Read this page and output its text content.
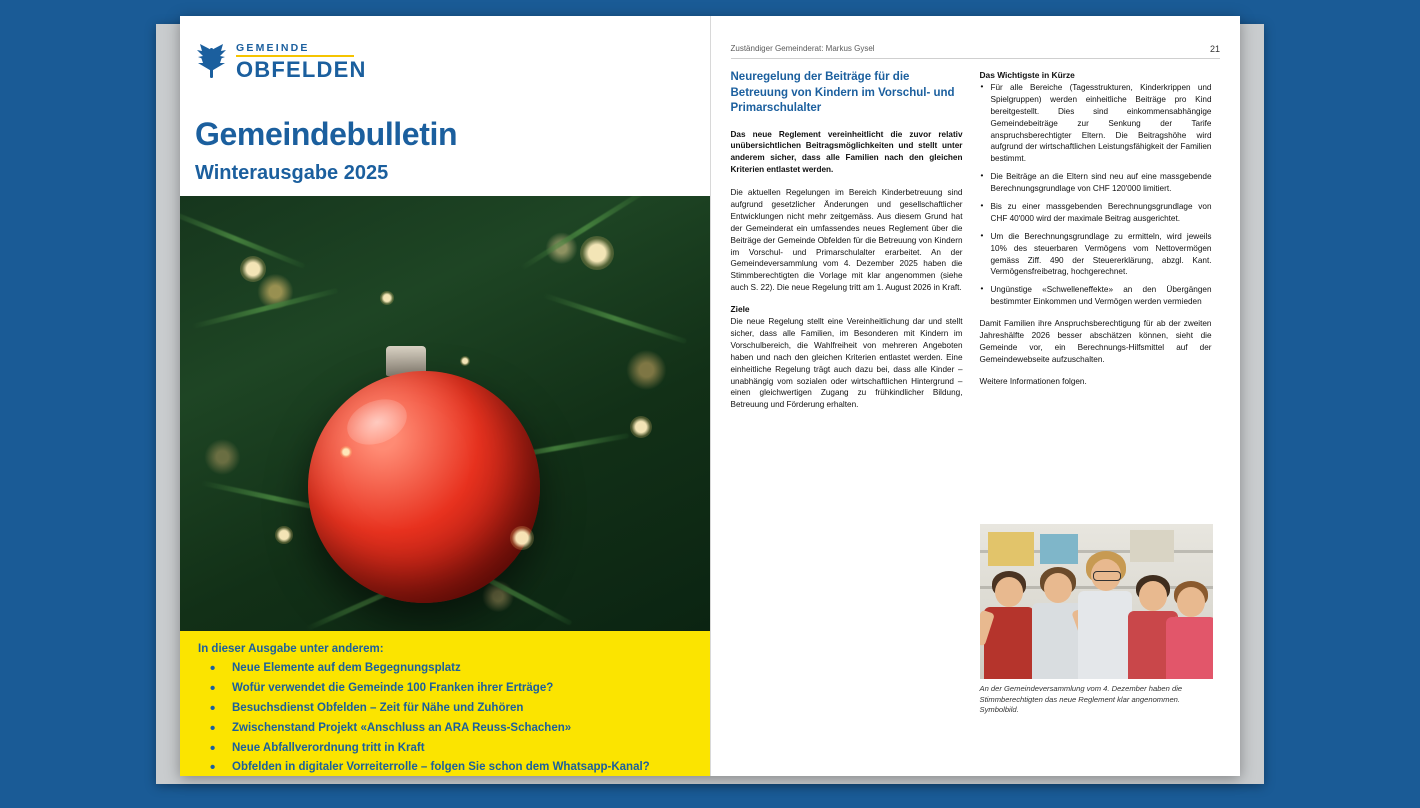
GEMEINDE
OBFELDEN
Gemeindebulletin
Winterausgabe 2025
In dieser Ausgabe unter anderem:
• Neue Elemente auf dem Begegnungsplatz
• Wofür verwendet die Gemeinde 100 Franken ihrer Erträge?
• Besuchsdienst Obfelden – Zeit für Nähe und Zuhören
• Zwischenstand Projekt «Anschluss an ARA Reuss-Schachen»
• Neue Abfallverordnung tritt in Kraft
• Obfelden in digitaler Vorreiterrolle – folgen Sie schon dem Whatsapp-Kanal?
Zuständiger Gemeinderat: Markus Gysel	21
Neuregelung der Beiträge für die Betreuung von Kindern im Vorschul- und Primarschulalter

Das neue Reglement vereinheitlicht die zuvor relativ unübersichtlichen Beitragsmöglichkeiten und stellt unter anderem sicher, dass alle Familien nach den gleichen Kriterien entlastet werden.

Die aktuellen Regelungen im Bereich Kinderbetreuung sind aufgrund gesetzlicher Änderungen und gesellschaftlicher Entwicklungen nicht mehr zeitgemäss. Aus diesem Grund hat der Gemeinderat ein umfassendes neues Reglement über die Beiträge der Gemeinde Obfelden für die Betreuung von Kindern im Vorschul- und Primarschulalter erarbeitet. An der Gemeindeversammlung vom 4. Dezember 2025 haben die Stimmberechtigten die Vorlage mit klar angenommen (siehe auch S. 22). Die neue Regelung tritt am 1. August 2026 in Kraft.

Ziele

Die neue Regelung stellt eine Vereinheitlichung dar und stellt sicher, dass alle Familien, im Besonderen mit Kindern im Vorschulbereich, die Wahlfreiheit von mehreren Angeboten haben und nach den gleichen Kriterien entlastet werden. Eine einheitliche Regelung trägt auch dazu bei, dass alle Kinder – unabhängig vom sozialen oder wirtschaftlichen Hintergrund – einen gleichwertigen Zugang zu frühkindlicher Bildung, Betreuung und Förderung erhalten.

Das Wichtigste in Kürze
• Für alle Bereiche (Tagesstrukturen, Kinderkrippen und Spielgruppen) werden einheitliche Beiträge pro Kind bereitgestellt. Dies sind einkommensabhängige Gemeindebeiträge zur Senkung der Tarife anspruchsberechtigter Eltern. Die Beitragshöhe wird aufgrund der wirtschaftlichen Leistungsfähigkeit der Familien bestimmt.
• Die Beiträge an die Eltern sind neu auf eine massgebende Berechnungsgrundlage von CHF 120'000 limitiert.
• Bis zu einer massgebenden Berechnungsgrundlage von CHF 40'000 wird der maximale Beitrag ausgerichtet.
• Um die Berechnungsgrundlage zu ermitteln, wird jeweils 10% des steuerbaren Vermögens vom Nettovermögen gemäss Ziff. 490 der Steuererklärung, abzgl. Kant. Vermögensfreibetrag, hochgerechnet.
• Ungünstige «Schwelleneffekte» an den Übergängen bestimmter Einkommen und Vermögen werden vermieden

Damit Familien ihre Anspruchsberechtigung für ab der zweiten Jahreshälfte 2026 besser abschätzen können, sieht die Gemeinde vor, ein Berechnungs-Hilfsmittel auf der Gemeindewebseite aufzuschalten.

Weitere Informationen folgen.

An der Gemeindeversammlung vom 4. Dezember haben die Stimmberechtigten das neue Reglement klar angenommen. Symbolbild.
